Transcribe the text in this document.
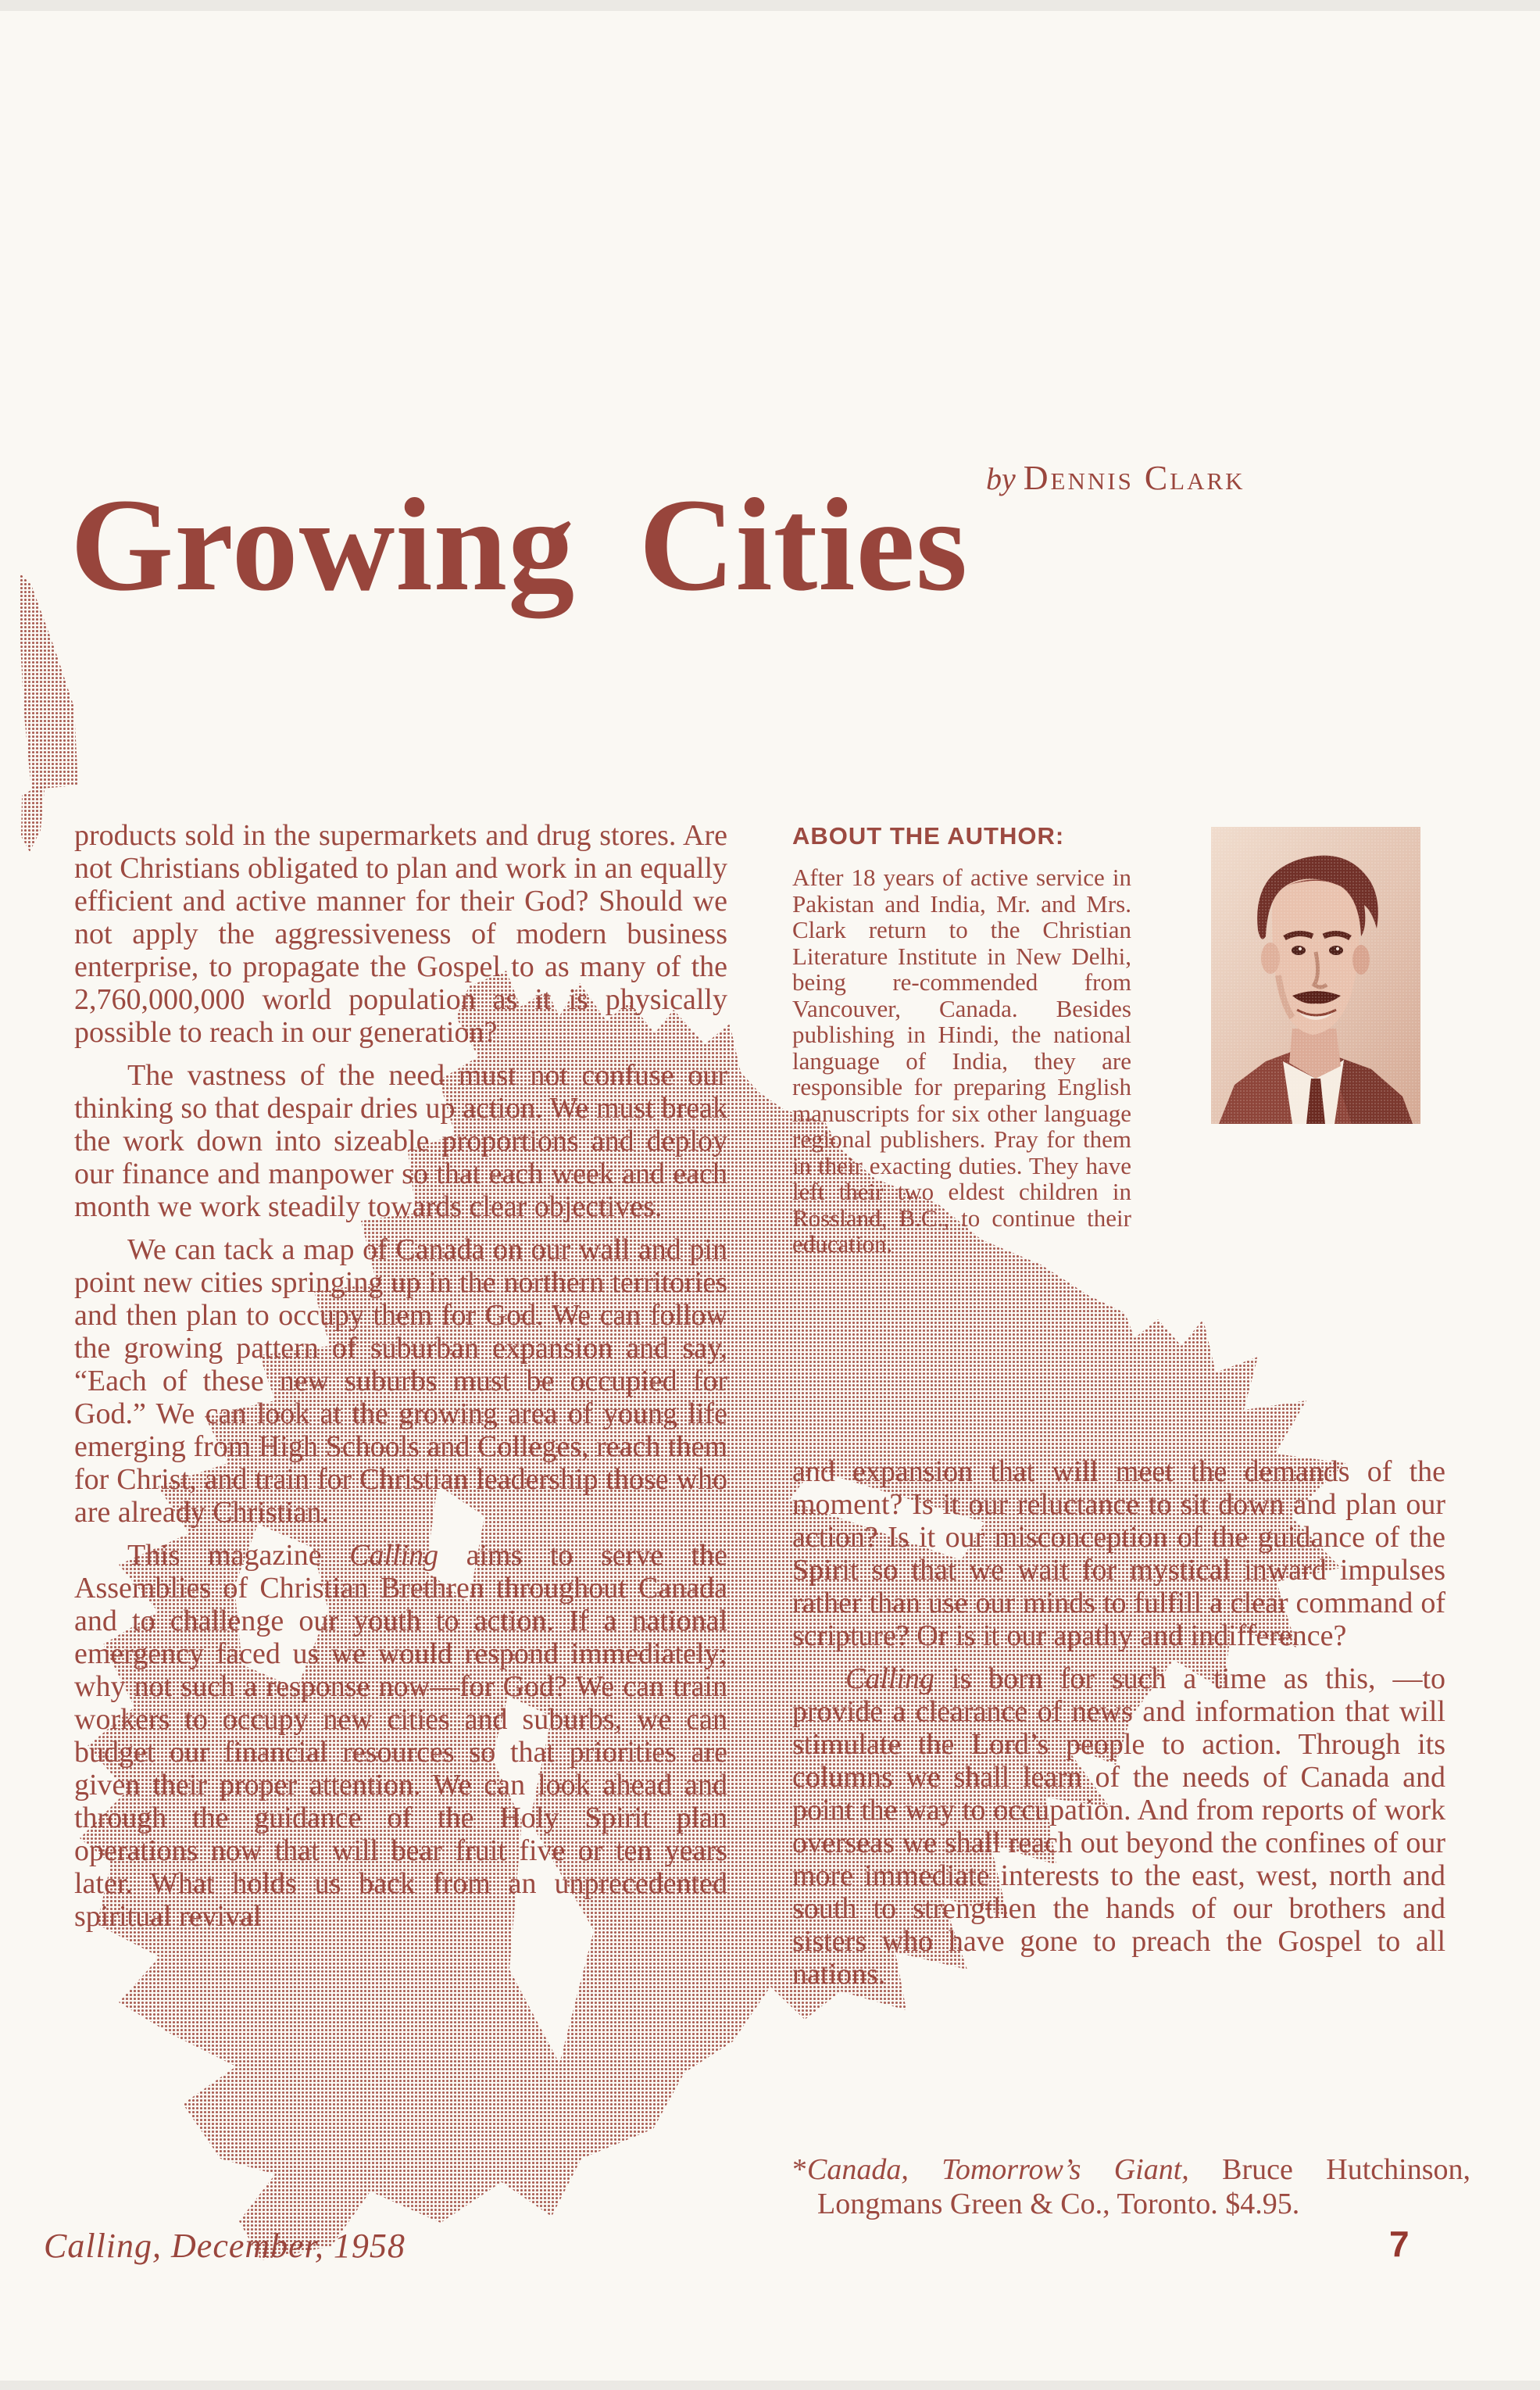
Growing Cities by Dennis Clark

products sold in the supermarkets and drug stores. Are not Christians obligated to plan and work in an equally efficient and active manner for their God? Should we not apply the aggressiveness of modern business enterprise, to propagate the Gospel to as many of the 2,760,000,000 world population as it is physically possible to reach in our generation?

The vastness of the need must not confuse our thinking so that despair dries up action. We must break the work down into sizeable proportions and deploy our finance and manpower so that each week and each month we work steadily towards clear objectives.

We can tack a map of Canada on our wall and pin point new cities springing up in the northern territories and then plan to occupy them for God. We can follow the growing pattern of suburban expansion and say, “Each of these new suburbs must be occupied for God.” We can look at the growing area of young life emerging from High Schools and Colleges, reach them for Christ, and train for Christian leadership those who are already Christian.

This magazine Calling aims to serve the Assemblies of Christian Brethren throughout Canada and to challenge our youth to action. If a national emergency faced us we would respond immediately; why not such a response now—for God? We can train workers to occupy new cities and suburbs, we can budget our financial resources so that priorities are given their proper attention. We can look ahead and through the guidance of the Holy Spirit plan operations now that will bear fruit five or ten years later. What holds us back from an unprecedented spiritual revival

ABOUT THE AUTHOR:
After 18 years of active service in Pakistan and India, Mr. and Mrs. Clark return to the Christian Literature Institute in New Delhi, being re-commended from Vancouver, Canada. Besides publishing in Hindi, the national language of India, they are responsible for preparing English manuscripts for six other language regional publishers. Pray for them in their exacting duties. They have left their two eldest children in Rossland, B.C., to continue their education.

and expansion that will meet the demands of the moment? Is it our reluctance to sit down and plan our action? Is it our misconception of the guidance of the Spirit so that we wait for mystical inward impulses rather than use our minds to fulfill a clear command of scripture? Or is it our apathy and indifference?

Calling is born for such a time as this, —to provide a clearance of news and information that will stimulate the Lord’s people to action. Through its columns we shall learn of the needs of Canada and point the way to occupation. And from reports of work overseas we shall reach out beyond the confines of our more immediate interests to the east, west, north and south to strengthen the hands of our brothers and sisters who have gone to preach the Gospel to all nations.

*Canada, Tomorrow’s Giant, Bruce Hutchinson, Longmans Green & Co., Toronto. $4.95.
Calling, December, 1958	7
